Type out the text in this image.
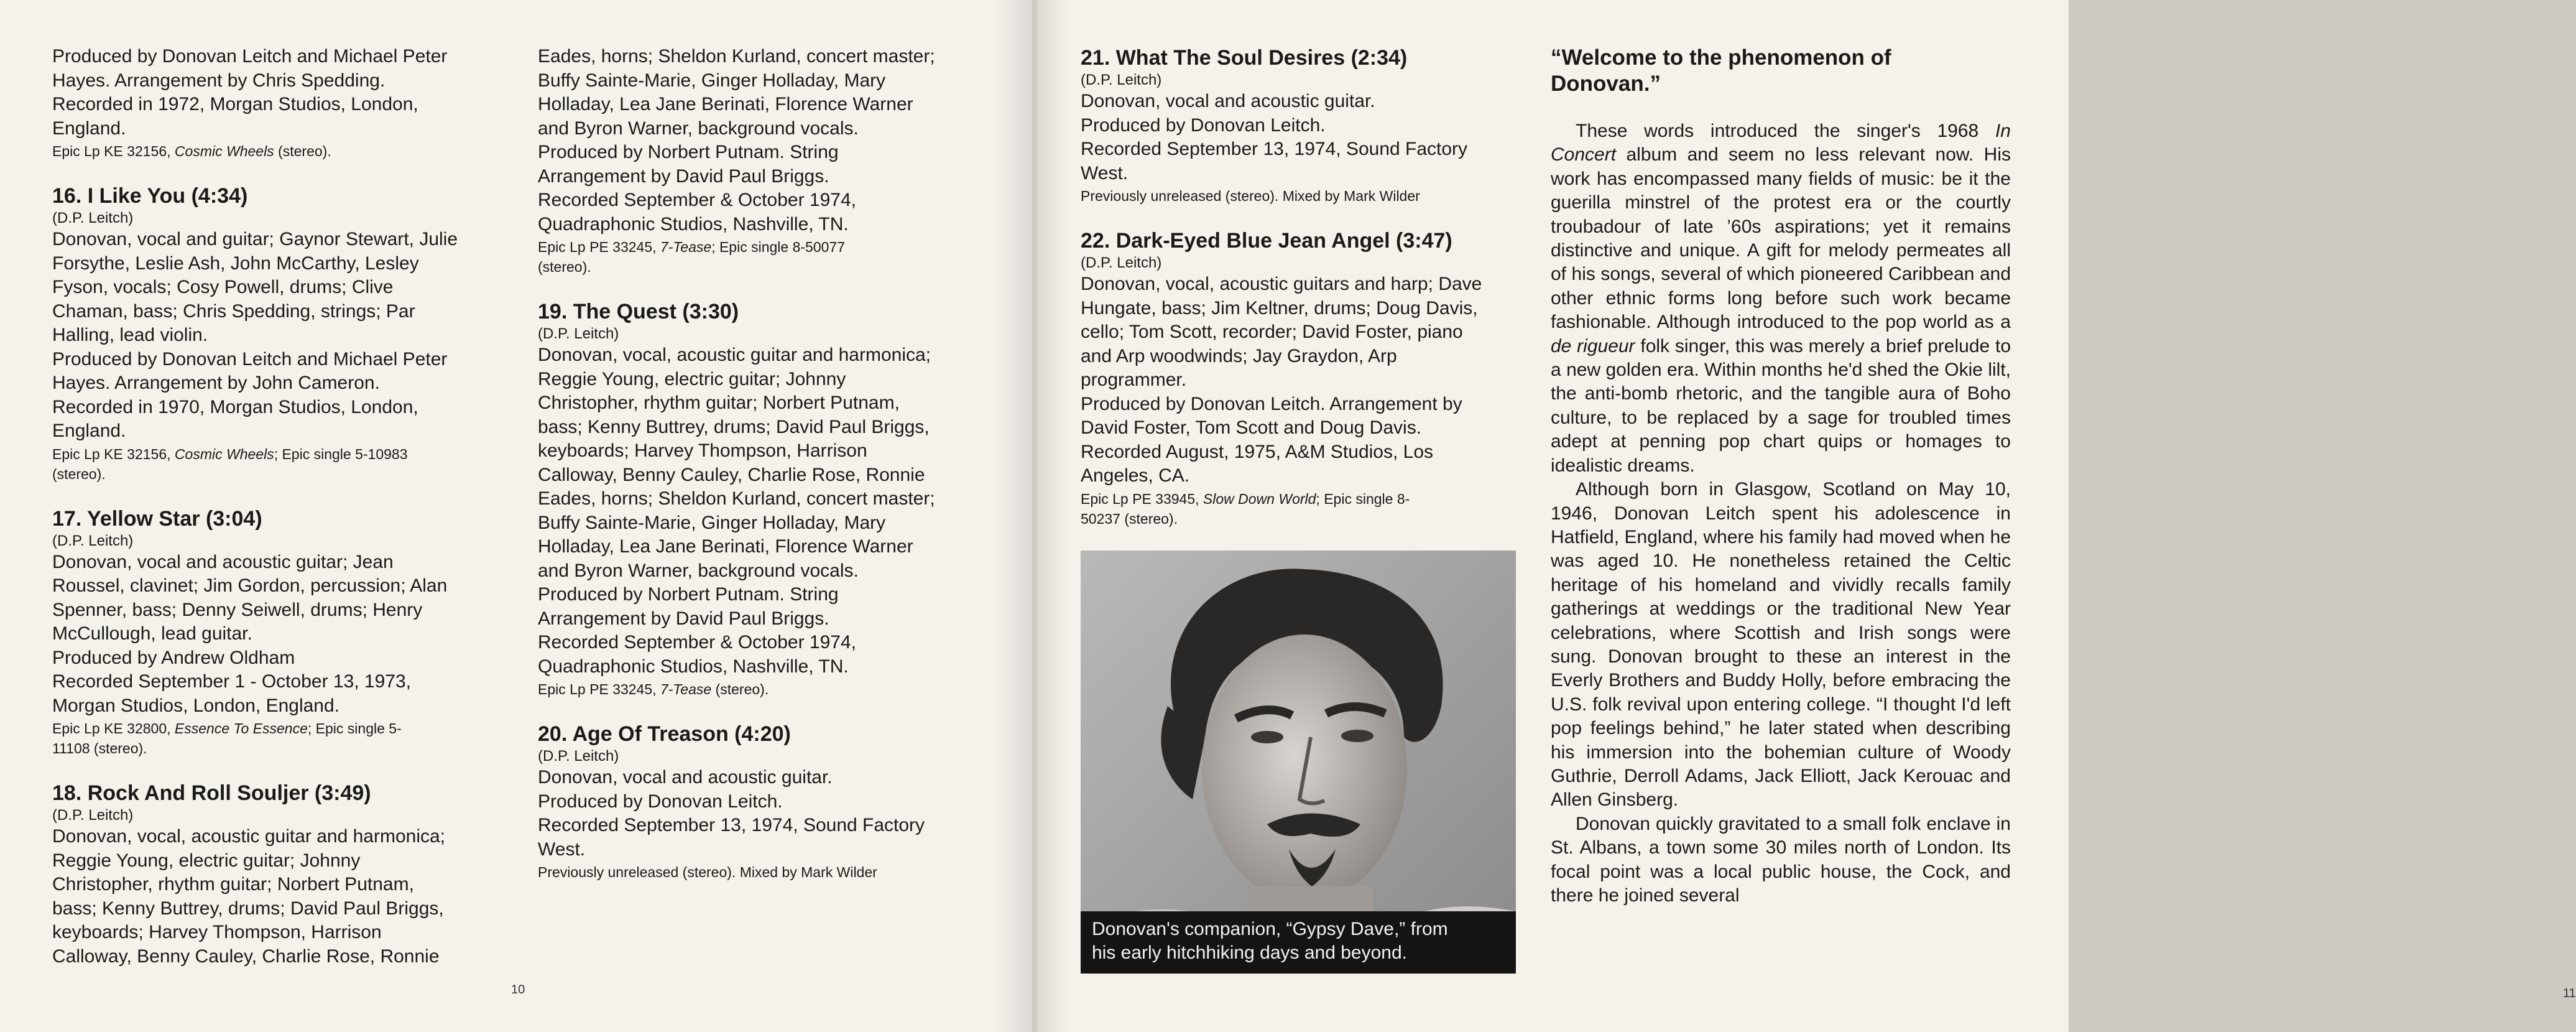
Produced by Donovan Leitch and Michael Peter

Hayes. Arrangement by Chris Spedding.

Recorded in 1972, Morgan Studios, London,

England.

Epic Lp KE 32156, Cosmic Wheels (stereo).

16. I Like You (4:34)

(D.P. Leitch)

Donovan, vocal and guitar; Gaynor Stewart, Julie

Forsythe, Leslie Ash, John McCarthy, Lesley

Fyson, vocals; Cosy Powell, drums; Clive

Chaman, bass; Chris Spedding, strings; Par

Halling, lead violin.

Produced by Donovan Leitch and Michael Peter

Hayes. Arrangement by John Cameron.

Recorded in 1970, Morgan Studios, London,

England.

Epic Lp KE 32156, Cosmic Wheels; Epic single 5-10983

(stereo).

17. Yellow Star (3:04)

(D.P. Leitch)

Donovan, vocal and acoustic guitar; Jean

Roussel, clavinet; Jim Gordon, percussion; Alan

Spenner, bass; Denny Seiwell, drums; Henry

McCullough, lead guitar.

Produced by Andrew Oldham

Recorded September 1 - October 13, 1973,

Morgan Studios, London, England.

Epic Lp KE 32800, Essence To Essence; Epic single 5-

11108 (stereo).

18. Rock And Roll Souljer (3:49)

(D.P. Leitch)

Donovan, vocal, acoustic guitar and harmonica;

Reggie Young, electric guitar; Johnny

Christopher, rhythm guitar; Norbert Putnam,

bass; Kenny Buttrey, drums; David Paul Briggs,

keyboards; Harvey Thompson, Harrison

Calloway, Benny Cauley, Charlie Rose, Ronnie

Eades, horns; Sheldon Kurland, concert master;

Buffy Sainte-Marie, Ginger Holladay, Mary

Holladay, Lea Jane Berinati, Florence Warner

and Byron Warner, background vocals.

Produced by Norbert Putnam. String

Arrangement by David Paul Briggs.

Recorded September & October 1974,

Quadraphonic Studios, Nashville, TN.

Epic Lp PE 33245, 7-Tease; Epic single 8-50077

(stereo).

19. The Quest (3:30)

(D.P. Leitch)

Donovan, vocal, acoustic guitar and harmonica;

Reggie Young, electric guitar; Johnny

Christopher, rhythm guitar; Norbert Putnam,

bass; Kenny Buttrey, drums; David Paul Briggs,

keyboards; Harvey Thompson, Harrison

Calloway, Benny Cauley, Charlie Rose, Ronnie

Eades, horns; Sheldon Kurland, concert master;

Buffy Sainte-Marie, Ginger Holladay, Mary

Holladay, Lea Jane Berinati, Florence Warner

and Byron Warner, background vocals.

Produced by Norbert Putnam. String

Arrangement by David Paul Briggs.

Recorded September & October 1974,

Quadraphonic Studios, Nashville, TN.

Epic Lp PE 33245, 7-Tease (stereo).

20. Age Of Treason (4:20)

(D.P. Leitch)

Donovan, vocal and acoustic guitar.

Produced by Donovan Leitch.

Recorded September 13, 1974, Sound Factory

West.

Previously unreleased (stereo). Mixed by Mark Wilder

10

21. What The Soul Desires (2:34)

(D.P. Leitch)

Donovan, vocal and acoustic guitar.

Produced by Donovan Leitch.

Recorded September 13, 1974, Sound Factory

West.

Previously unreleased (stereo). Mixed by Mark Wilder

22. Dark-Eyed Blue Jean Angel (3:47)

(D.P. Leitch)

Donovan, vocal, acoustic guitars and harp; Dave

Hungate, bass; Jim Keltner, drums; Doug Davis,

cello; Tom Scott, recorder; David Foster, piano

and Arp woodwinds; Jay Graydon, Arp

programmer.

Produced by Donovan Leitch. Arrangement by

David Foster, Tom Scott and Doug Davis.

Recorded August, 1975, A&M Studios, Los

Angeles, CA.

Epic Lp PE 33945, Slow Down World; Epic single 8-

50237 (stereo).

Donovan's companion, “Gypsy Dave,” from
his early hitchhiking days and beyond.
“Welcome to the phenomenon of
Donovan.”

These words introduced the singer's 1968 In Concert album and seem no less relevant now. His work has encompassed many fields of music: be it the guerilla minstrel of the protest era or the courtly troubadour of late ’60s aspirations; yet it remains distinctive and unique. A gift for melody permeates all of his songs, several of which pioneered Caribbean and other ethnic forms long before such work became fashionable. Although introduced to the pop world as a de rigueur folk singer, this was merely a brief prelude to a new golden era. Within months he'd shed the Okie lilt, the anti-bomb rhetoric, and the tangible aura of Boho culture, to be replaced by a sage for troubled times adept at penning pop chart quips or homages to idealistic dreams.

Although born in Glasgow, Scotland on May 10, 1946, Donovan Leitch spent his adolescence in Hatfield, England, where his family had moved when he was aged 10. He nonetheless retained the Celtic heritage of his homeland and vividly recalls family gatherings at weddings or the traditional New Year celebrations, where Scottish and Irish songs were sung. Donovan brought to these an interest in the Everly Brothers and Buddy Holly, before embracing the U.S. folk revival upon entering college. “I thought I'd left pop feelings behind,” he later stated when describing his immersion into the bohemian culture of Woody Guthrie, Derroll Adams, Jack Elliott, Jack Kerouac and Allen Ginsberg.

Donovan quickly gravitated to a small folk enclave in St. Albans, a town some 30 miles north of London. Its focal point was a local public house, the Cock, and there he joined several

11
